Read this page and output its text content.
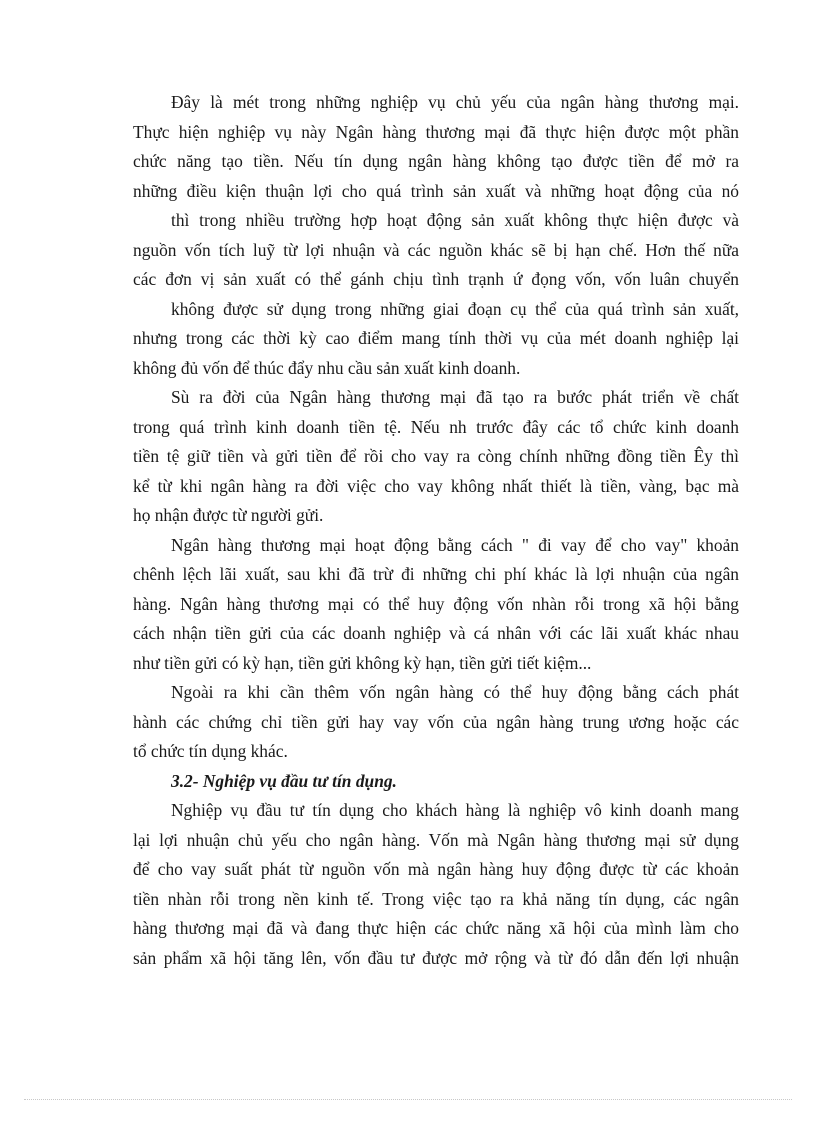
Đây là mét trong những nghiệp vụ chủ yếu của ngân hàng thương mại.
Thực hiện nghiệp vụ này Ngân hàng thương mại đã thực hiện được một phần
chức năng tạo tiền. Nếu tín dụng ngân hàng không tạo được tiền để mở ra
những điều kiện thuận lợi cho quá trình sản xuất và những hoạt động của nó
thì trong nhiều trường hợp hoạt động sản xuất không thực hiện được và
nguồn vốn tích luỹ từ lợi nhuận và các nguồn khác sẽ bị hạn chế. Hơn thế nữa
các đơn vị sản xuất có thể gánh chịu tình trạnh ứ đọng vốn, vốn luân chuyển
không được sử dụng trong những giai đoạn cụ thể của quá trình sản xuất,
nhưng trong các thời kỳ cao điểm mang tính thời vụ của mét doanh nghiệp lại
không đủ vốn để thúc đẩy nhu cầu sản xuất kinh doanh.
Sù ra đời của Ngân hàng thương mại đã tạo ra bước phát triển về chất
trong quá trình kinh doanh tiền tệ. Nếu nh trước đây các tổ chức kinh doanh
tiền tệ giữ tiền và gửi tiền để rồi cho vay ra còng chính những đồng tiền Êy thì
kể từ khi ngân hàng ra đời việc cho vay không nhất thiết là tiền, vàng, bạc mà
họ nhận được từ người gửi.
Ngân hàng thương mại hoạt động bằng cách " đi vay để cho vay" khoản
chênh lệch lãi xuất, sau khi đã trừ đi những chi phí khác là lợi nhuận của ngân
hàng. Ngân hàng thương mại có thể huy động vốn nhàn rỗi trong xã hội bằng
cách nhận tiền gửi của các doanh nghiệp và cá nhân với các lãi xuất khác nhau
như tiền gửi có kỳ hạn, tiền gửi không kỳ hạn, tiền gửi tiết kiệm...
Ngoài ra khi cần thêm vốn ngân hàng có thể huy động bằng cách phát
hành các chứng chỉ tiền gửi hay vay vốn của ngân hàng trung ương hoặc các
tổ chức tín dụng khác.
3.2- Nghiệp vụ đầu tư tín dụng.
Nghiệp vụ đầu tư tín dụng cho khách hàng là nghiệp vô kinh doanh mang
lại lợi nhuận chủ yếu cho ngân hàng. Vốn mà Ngân hàng thương mại sử dụng
để cho vay suất phát từ nguồn vốn mà ngân hàng huy động được từ các khoản
tiền nhàn rỗi trong nền kinh tế. Trong việc tạo ra khả năng tín dụng, các ngân
hàng thương mại đã và đang thực hiện các chức năng xã hội của mình làm cho
sản phẩm xã hội tăng lên, vốn đầu tư được mở rộng và từ đó dẫn đến lợi nhuận
